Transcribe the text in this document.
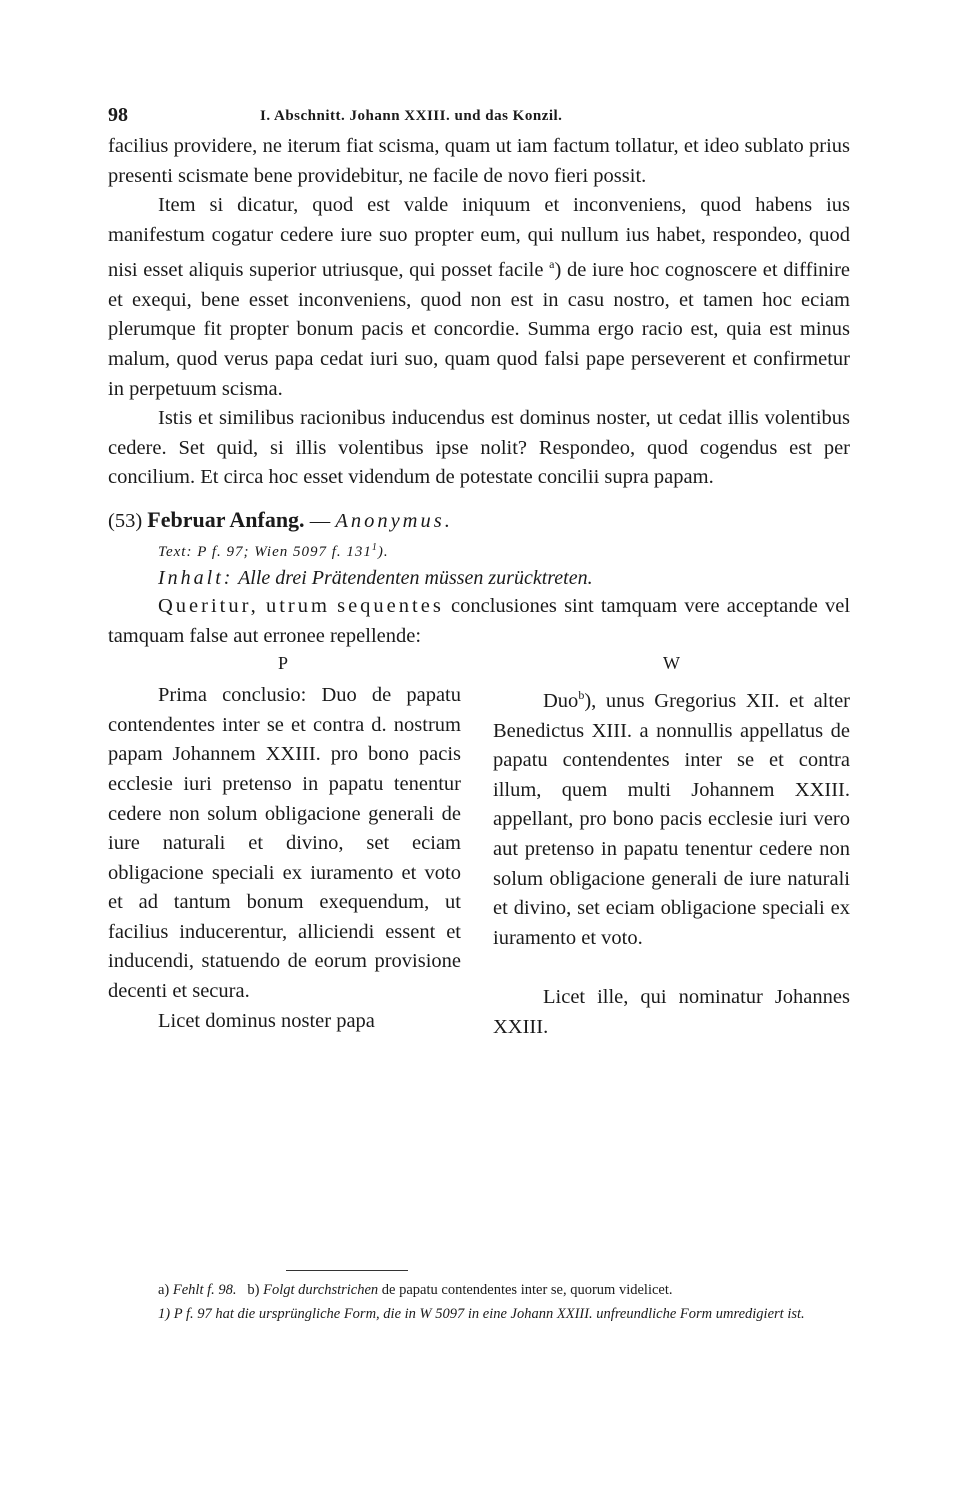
98	I. Abschnitt. Johann XXIII. und das Konzil.

facilius providere, ne iterum fiat scisma, quam ut iam factum tollatur, et ideo sublato prius presenti scismate bene providebitur, ne facile de novo fieri possit.

Item si dicatur, quod est valde iniquum et inconveniens, quod habens ius manifestum cogatur cedere iure suo propter eum, qui nullum ius habet, respondeo, quod nisi esset aliquis superior utriusque, qui posset facile $^a$) de iure hoc cognoscere et diffinire et exequi, bene esset inconveniens, quod non est in casu nostro, et tamen hoc eciam plerumque fit propter bonum pacis et concordie. Summa ergo racio est, quia est minus malum, quod verus papa cedat iuri suo, quam quod falsi pape perseverent et confirmetur in perpetuum scisma.

Istis et similibus racionibus inducendus est dominus noster, ut cedat illis volentibus cedere. Set quid, si illis volentibus ipse nolit? Respondeo, quod cogendus est per concilium. Et circa hoc esset videndum de potestate concilii supra papam.

(53) Februar Anfang. — Anonymus.
Text: P f. 97; Wien 5097 f. $131^1$).
Inhalt: Alle drei Prätendenten müssen zurücktreten.

Queritur, utrum sequentes conclusiones sint tamquam vere acceptande vel tamquam false aut erronee repellende:

P	W

Prima conclusio: Duo de papatu contendentes inter se et contra d. nostrum papam Johannem XXIII. pro bono pacis ecclesie iuri pretenso in papatu tenentur cedere non solum obligacione generali de iure naturali et divino, set eciam obligacione speciali ex iuramento et voto et ad tantum bonum exequendum, ut facilius inducerentur, alliciendi essent et inducendi, statuendo de eorum provisione decenti et secura.

Licet dominus noster papa

Duo$^b$), unus Gregorius XII. et alter Benedictus XIII. a nonnullis appellatus de papatu contendentes inter se et contra illum, quem multi Johannem XXIII. appellant, pro bono pacis ecclesie iuri vero aut pretenso in papatu tenentur cedere non solum obligacione generali de iure naturali et divino, set eciam obligacione speciali ex iuramento et voto.

Licet ille, qui nominatur Johannes XXIII.

a) Fehlt f. 98. b) Folgt durchstrichen de papatu contendentes inter se, quorum videlicet.

1) P f. 97 hat die ursprüngliche Form, die in W 5097 in eine Johann XXIII. unfreundliche Form umredigiert ist.
